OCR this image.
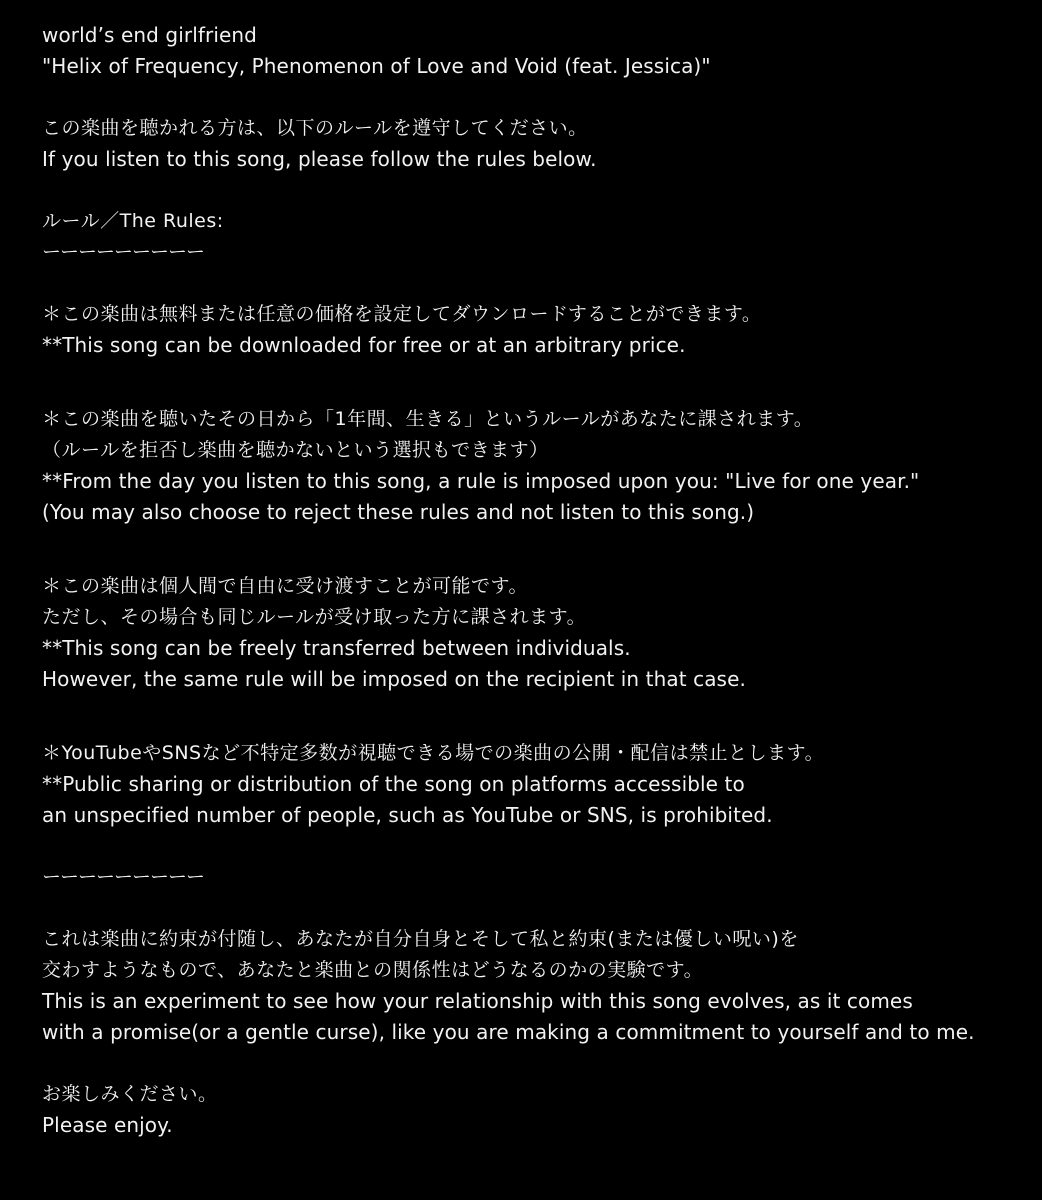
world’s end girlfriend
"Helix of Frequency, Phenomenon of Love and Void (feat. Jessica)"
この楽曲を聴かれる方は、以下のルールを遵守してください。
If you listen to this song, please follow the rules below.
ルール／The Rules:
ーーーーーーーーー
＊この楽曲は無料または任意の価格を設定してダウンロードすることができます。
**This song can be downloaded for free or at an arbitrary price.
＊この楽曲を聴いたその日から「1年間、生きる」というルールがあなたに課されます。
（ルールを拒否し楽曲を聴かないという選択もできます）
**From the day you listen to this song, a rule is imposed upon you: "Live for one year."
(You may also choose to reject these rules and not listen to this song.)
＊この楽曲は個人間で自由に受け渡すことが可能です。
ただし、その場合も同じルールが受け取った方に課されます。
**This song can be freely transferred between individuals.
However, the same rule will be imposed on the recipient in that case.
＊YouTubeやSNSなど不特定多数が視聴できる場での楽曲の公開・配信は禁止とします。
**Public sharing or distribution of the song on platforms accessible to
an unspecified number of people, such as YouTube or SNS, is prohibited.
ーーーーーーーーー
これは楽曲に約束が付随し、あなたが自分自身とそして私と約束(または優しい呪い)を
交わすようなもので、あなたと楽曲との関係性はどうなるのかの実験です。
This is an experiment to see how your relationship with this song evolves, as it comes
with a promise(or a gentle curse), like you are making a commitment to yourself and to me.
お楽しみください。
Please enjoy.
